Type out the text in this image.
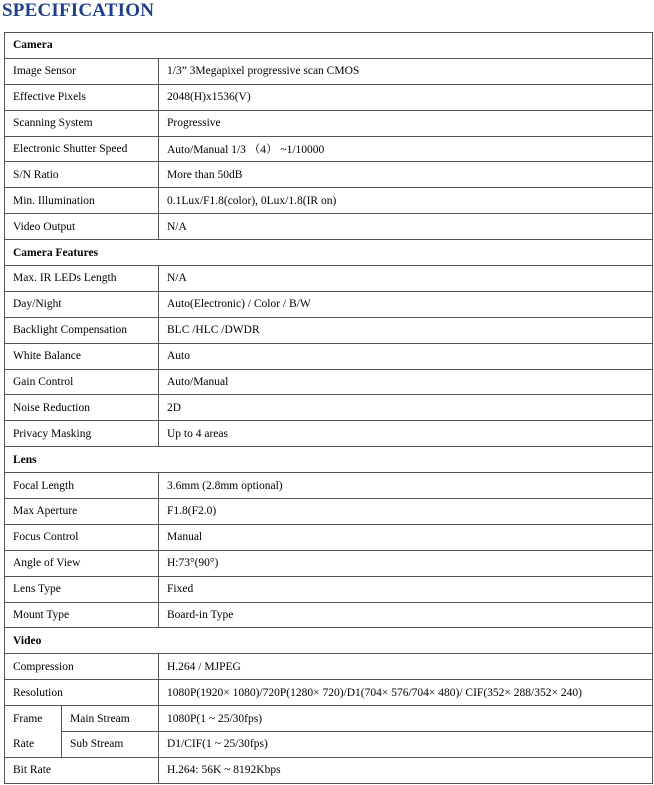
SPECIFICATION
Camera		
Image Sensor		1/3” 3Megapixel progressive scan CMOS
Effective Pixels		2048(H)x1536(V)
Scanning System		Progressive
Electronic Shutter Speed		Auto/Manual 1/3 （4） ~1/10000
S/N Ratio		More than 50dB
Min. Illumination		0.1Lux/F1.8(color), 0Lux/1.8(IR on)
Video Output		N/A
Camera Features		
Max. IR LEDs Length		N/A
Day/Night		Auto(Electronic) / Color / B/W
Backlight Compensation		BLC /HLC /DWDR
White Balance		Auto
Gain Control		Auto/Manual
Noise Reduction		2D
Privacy Masking		Up to 4 areas
Lens		
Focal Length		3.6mm (2.8mm optional)
Max Aperture		F1.8(F2.0)
Focus Control		Manual
Angle of View		H:73°(90°)
Lens Type		Fixed
Mount Type		Board-in Type
Video		
Compression		H.264 / MJPEG
Resolution		1080P(1920× 1080)/720P(1280× 720)/D1(704× 576/704× 480)/ CIF(352× 288/352× 240)

Frame
Rate	Main Stream	1080P(1 ~ 25/30fps)
	Sub Stream	D1/CIF(1 ~ 25/30fps)
Bit Rate		H.264: 56K ~ 8192Kbps
